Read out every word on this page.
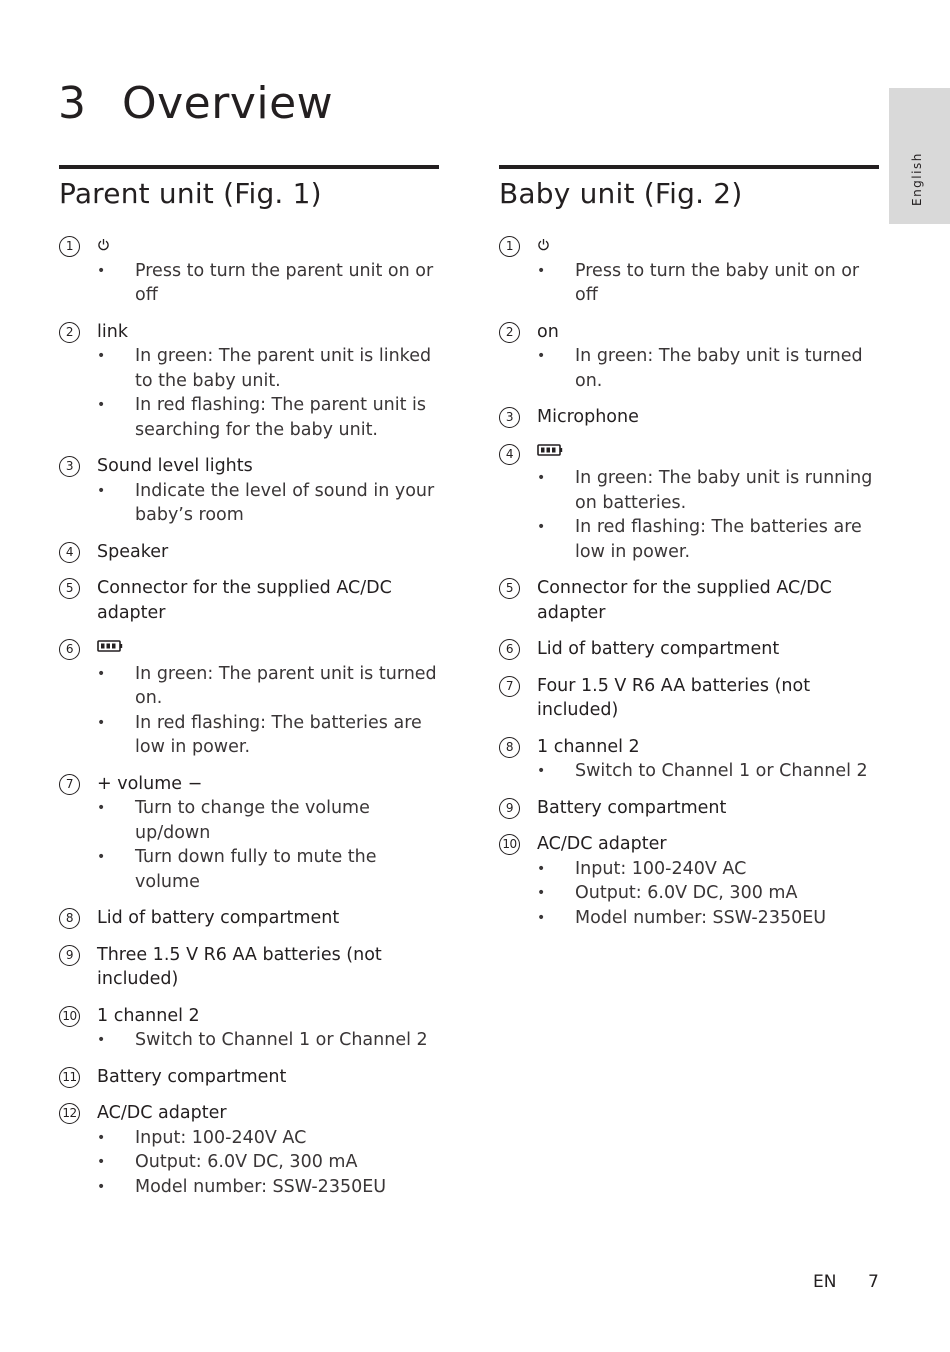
3 Overview
English
Parent unit (Fig. 1)
1
• Press to turn the parent unit on or off
2	link
• In green: The parent unit is linked to the baby unit.
• In red flashing: The parent unit is searching for the baby unit.
3	Sound level lights
• Indicate the level of sound in your baby’s room
4	Speaker
5	Connector for the supplied AC/DC adapter
6
• In green: The parent unit is turned on.
• In red flashing: The batteries are low in power.
7	+ volume −
• Turn to change the volume up/down
• Turn down fully to mute the volume
8	Lid of battery compartment
9	Three 1.5 V R6 AA batteries (not included)
10 1 channel 2
• Switch to Channel 1 or Channel 2
11 Battery compartment
12 AC/DC adapter
• Input: 100-240V AC
• Output: 6.0V DC, 300 mA
• Model number: SSW-2350EU
Baby unit (Fig. 2)
1
• Press to turn the baby unit on or off
2	on
• In green: The baby unit is turned on.
3	Microphone
4
• In green: The baby unit is running on batteries.
• In red flashing: The batteries are low in power.
5	Connector for the supplied AC/DC adapter
6	Lid of battery compartment
7	Four 1.5 V R6 AA batteries (not included)
8	1 channel 2
• Switch to Channel 1 or Channel 2
9	Battery compartment
10 AC/DC adapter
• Input: 100-240V AC
• Output: 6.0V DC, 300 mA
• Model number: SSW-2350EU
EN 7
